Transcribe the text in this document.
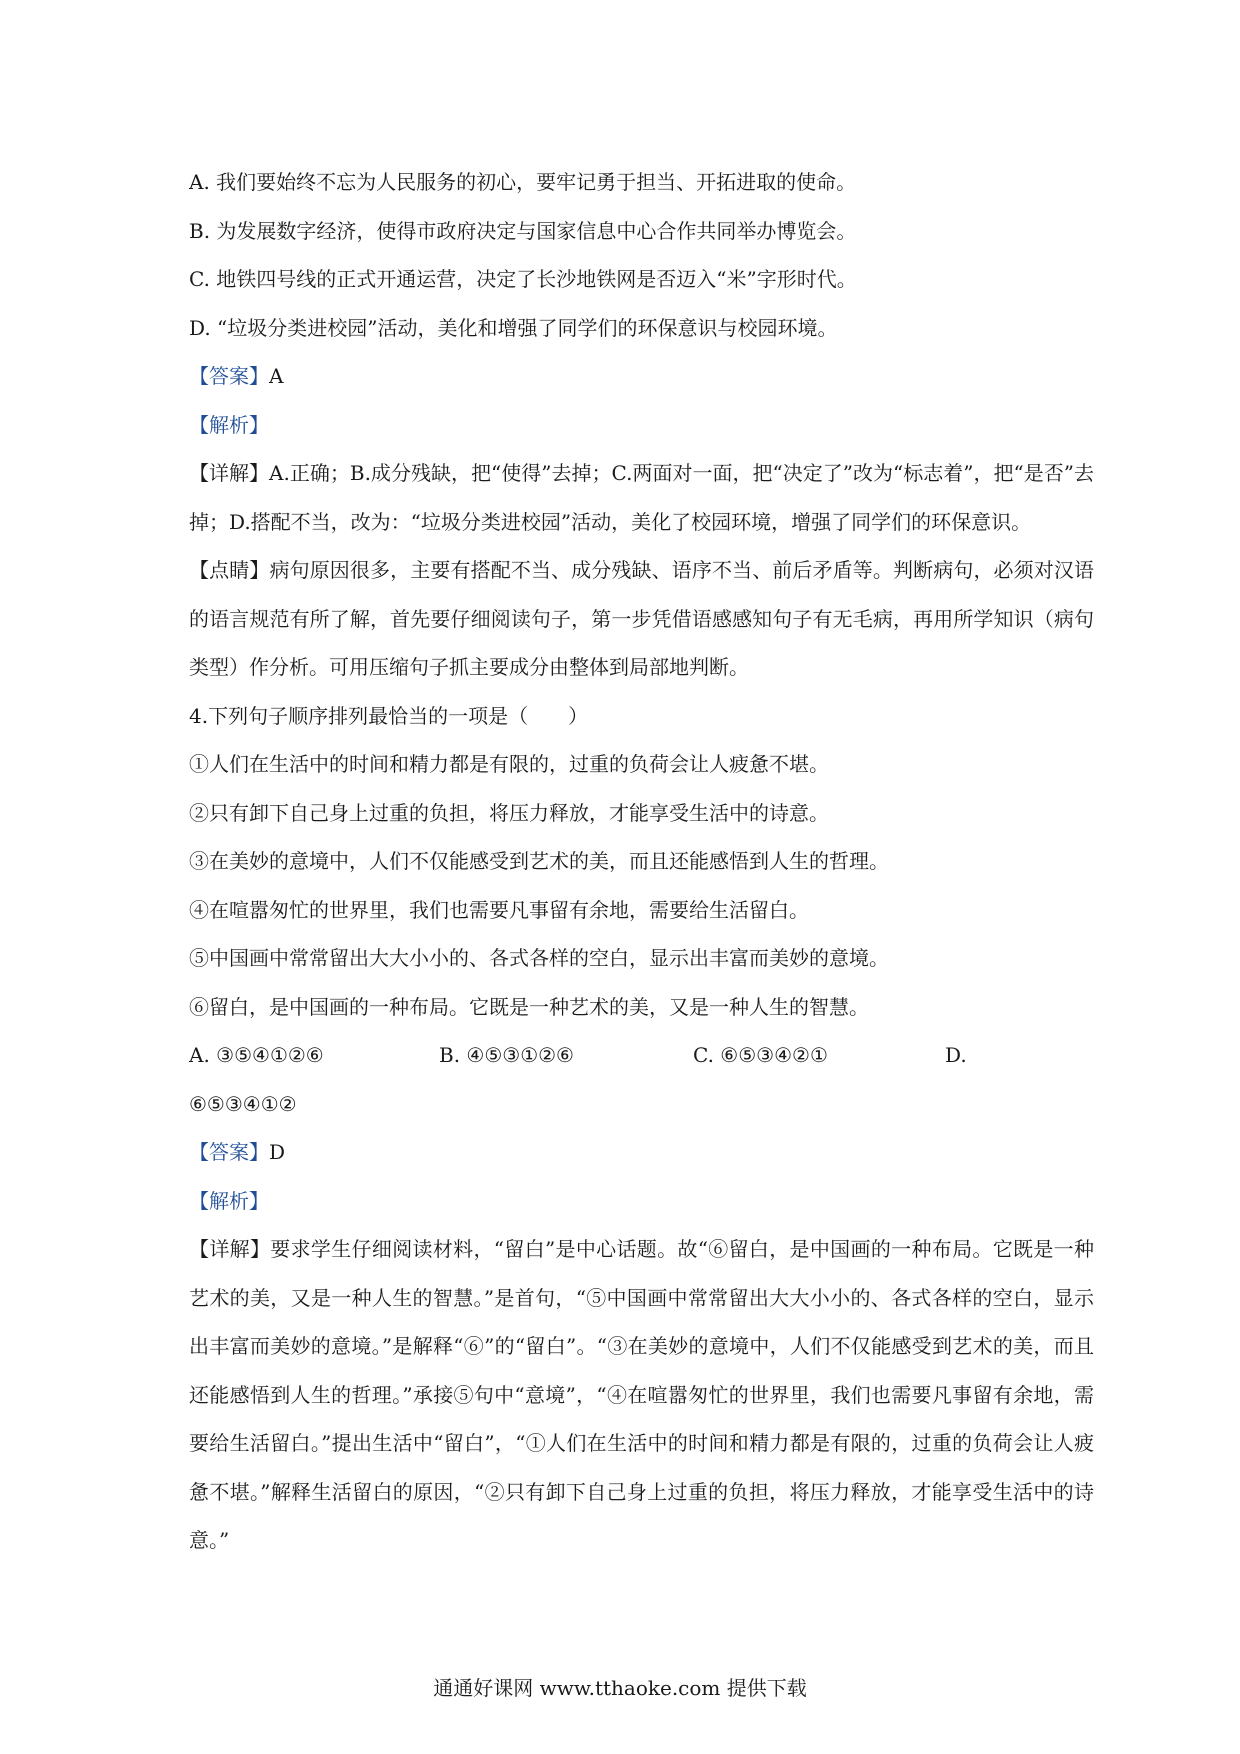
A. 我们要始终不忘为人民服务的初心，要牢记勇于担当、开拓进取的使命。
B. 为发展数字经济，使得市政府决定与国家信息中心合作共同举办博览会。
C. 地铁四号线的正式开通运营，决定了长沙地铁网是否迈入“米”字形时代。
D. “垃圾分类进校园”活动，美化和增强了同学们的环保意识与校园环境。
【答案】A
【解析】
【详解】A.正确；B.成分残缺，把“使得”去掉；C.两面对一面，把“决定了”改为“标志着”，把“是否”去掉；D.搭配不当，改为：“垃圾分类进校园”活动，美化了校园环境，增强了同学们的环保意识。
【点睛】病句原因很多，主要有搭配不当、成分残缺、语序不当、前后矛盾等。判断病句，必须对汉语的语言规范有所了解，首先要仔细阅读句子，第一步凭借语感感知句子有无毛病，再用所学知识（病句类型）作分析。可用压缩句子抓主要成分由整体到局部地判断。
4.下列句子顺序排列最恰当的一项是（　　）
①人们在生活中的时间和精力都是有限的，过重的负荷会让人疲惫不堪。
②只有卸下自己身上过重的负担，将压力释放，才能享受生活中的诗意。
③在美妙的意境中，人们不仅能感受到艺术的美，而且还能感悟到人生的哲理。
④在喧嚣匆忙的世界里，我们也需要凡事留有余地，需要给生活留白。
⑤中国画中常常留出大大小小的、各式各样的空白，显示出丰富而美妙的意境。
⑥留白，是中国画的一种布局。它既是一种艺术的美，又是一种人生的智慧。
A. ③⑤④①②⑥	B. ④⑤③①②⑥	C. ⑥⑤③④②①	D.
⑥⑤③④①②
【答案】D
【解析】
【详解】要求学生仔细阅读材料，“留白”是中心话题。故“⑥留白，是中国画的一种布局。它既是一种艺术的美，又是一种人生的智慧。”是首句，“⑤中国画中常常留出大大小小的、各式各样的空白，显示出丰富而美妙的意境。”是解释“⑥”的“留白”。“③在美妙的意境中，人们不仅能感受到艺术的美，而且还能感悟到人生的哲理。”承接⑤句中“意境”，“④在喧嚣匆忙的世界里，我们也需要凡事留有余地，需要给生活留白。”提出生活中“留白”，“①人们在生活中的时间和精力都是有限的，过重的负荷会让人疲惫不堪。”解释生活留白的原因，“②只有卸下自己身上过重的负担，将压力释放，才能享受生活中的诗意。”
通通好课网 www.tthaoke.com 提供下载
